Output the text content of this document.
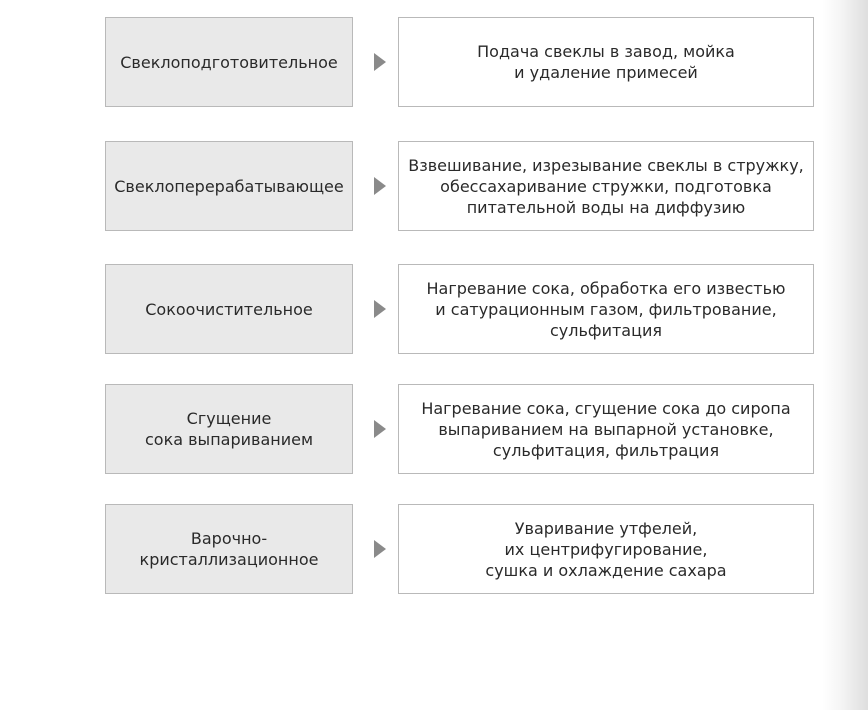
Свеклоподготовительное
Подача свеклы в завод, мойка
и удаление примесей
Свеклоперерабатывающее
Взвешивание, изрезывание свеклы в стружку,
обессахаривание стружки, подготовка
питательной воды на диффузию
Сокоочистительное
Нагревание сока, обработка его известью
и сатурационным газом, фильтрование,
сульфитация
Сгущение
сока выпариванием
Нагревание сока, сгущение сока до сиропа
выпариванием на выпарной установке,
сульфитация, фильтрация
Варочно-
кристаллизационное
Уваривание утфелей,
их центрифугирование,
сушка и охлаждение сахара
